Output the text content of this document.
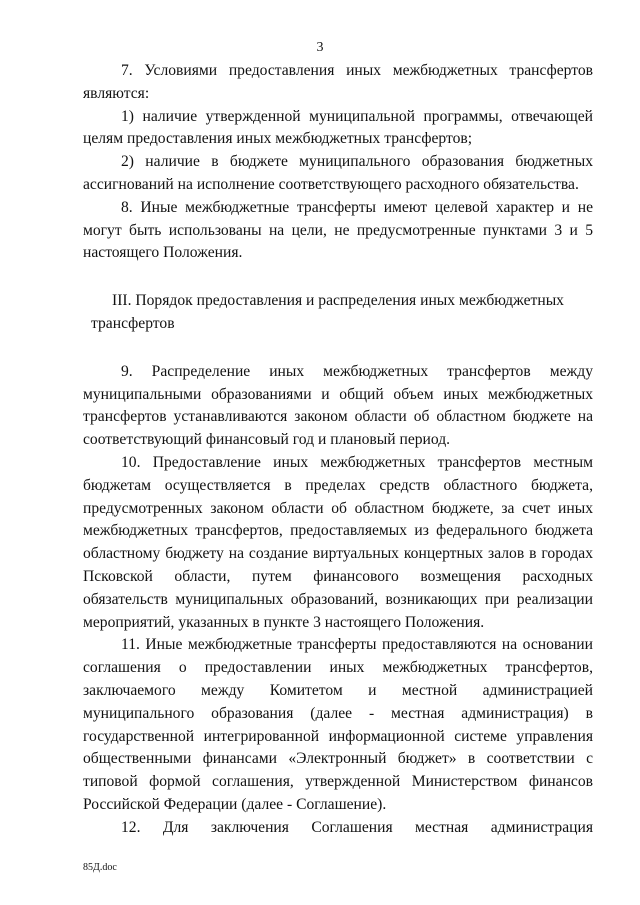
3

7. Условиями предоставления иных межбюджетных трансфертов являются:

1) наличие утвержденной муниципальной программы, отвечающей целям предоставления иных межбюджетных трансфертов;

2) наличие в бюджете муниципального образования бюджетных ассигнований на исполнение соответствующего расходного обязательства.

8. Иные межбюджетные трансферты имеют целевой характер и не могут быть использованы на цели, не предусмотренные пунктами 3 и 5 настоящего Положения.

III. Порядок предоставления и распределения иных межбюджетных трансфертов

9. Распределение иных межбюджетных трансфертов между муниципальными образованиями и общий объем иных межбюджетных трансфертов устанавливаются законом области об областном бюджете на соответствующий финансовый год и плановый период.

10. Предоставление иных межбюджетных трансфертов местным бюджетам осуществляется в пределах средств областного бюджета, предусмотренных законом области об областном бюджете, за счет иных межбюджетных трансфертов, предоставляемых из федерального бюджета областному бюджету на создание виртуальных концертных залов в городах Псковской области, путем финансового возмещения расходных обязательств муниципальных образований, возникающих при реализации мероприятий, указанных в пункте 3 настоящего Положения.

11. Иные межбюджетные трансферты предоставляются на основании соглашения о предоставлении иных межбюджетных трансфертов, заключаемого между Комитетом и местной администрацией муниципального образования (далее - местная администрация) в государственной интегрированной информационной системе управления общественными финансами «Электронный бюджет» в соответствии с типовой формой соглашения, утвержденной Министерством финансов Российской Федерации (далее - Соглашение).

12. Для заключения Соглашения местная администрация

85Д.doc
